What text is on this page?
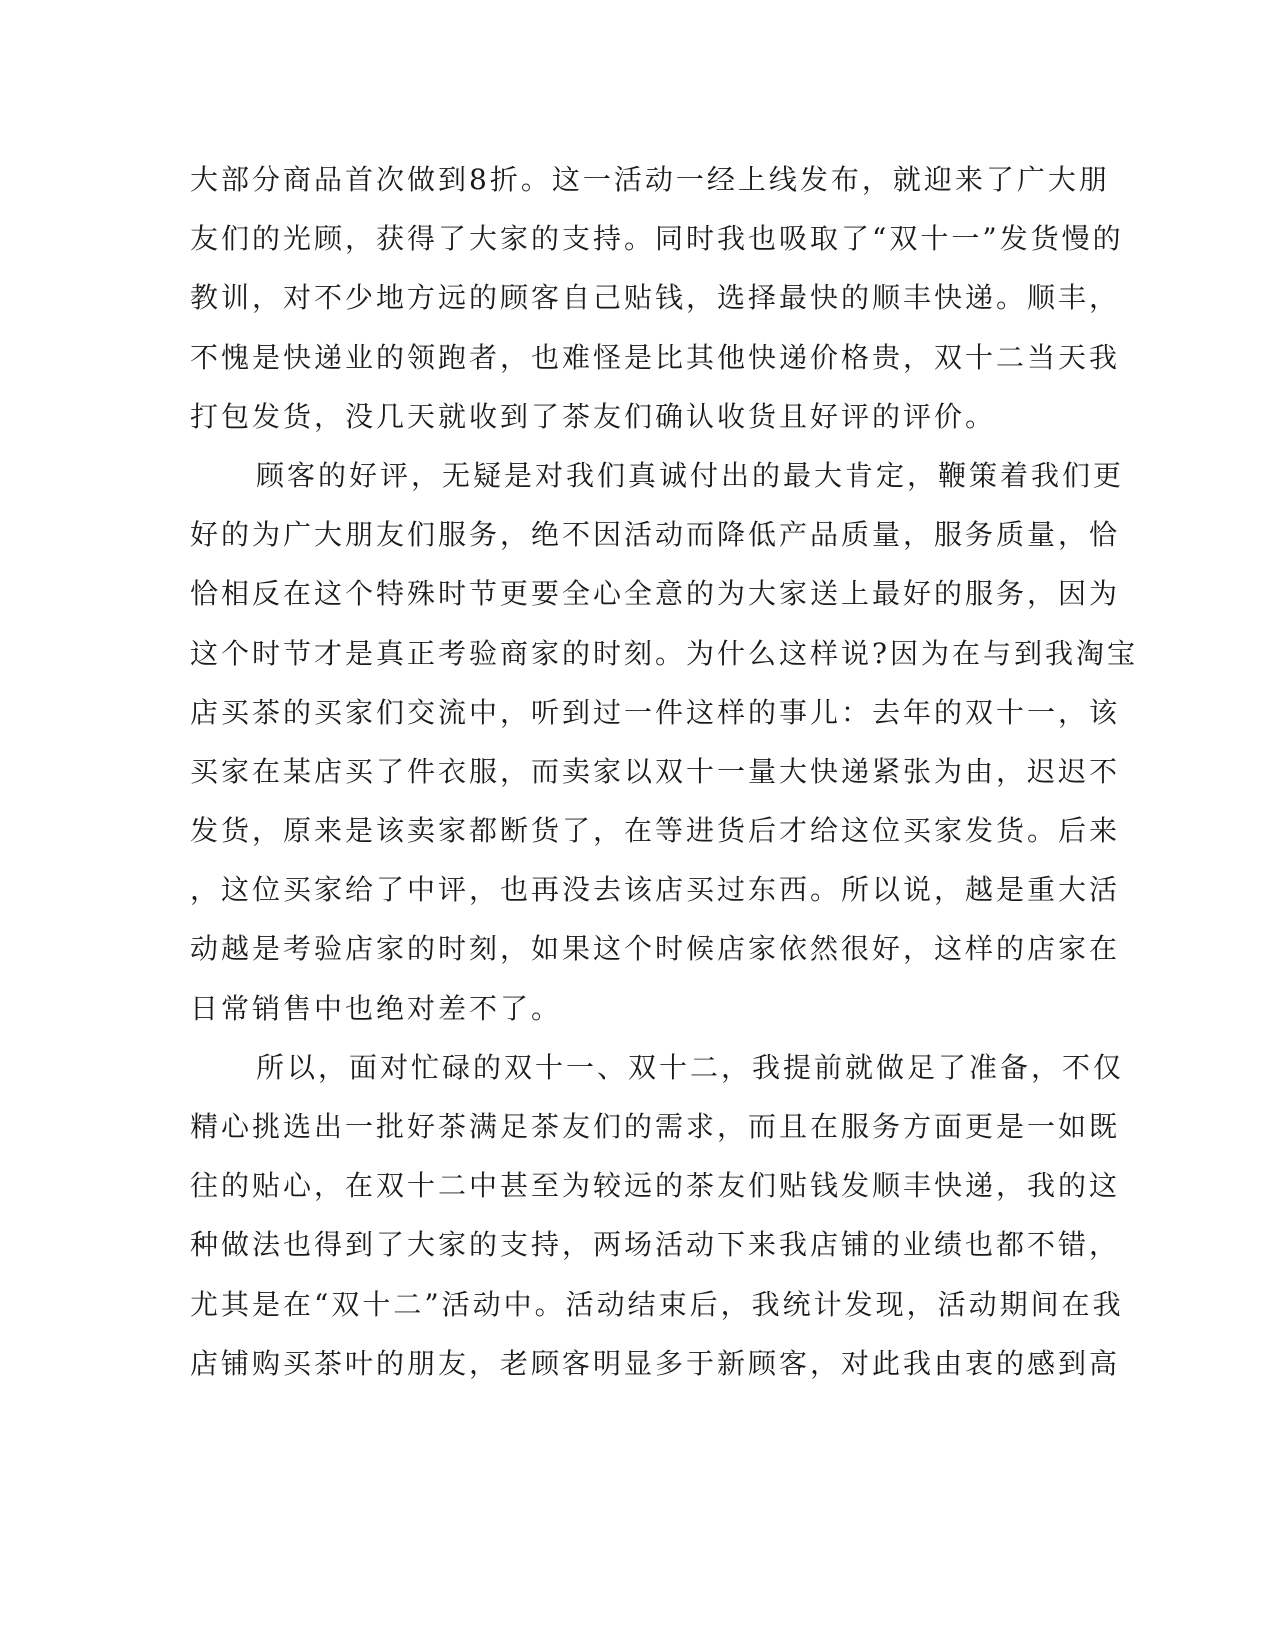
大部分商品首次做到8折。这一活动一经上线发布，就迎来了广大朋
友们的光顾，获得了大家的支持。同时我也吸取了“双十一”发货慢的
教训，对不少地方远的顾客自己贴钱，选择最快的顺丰快递。顺丰，
不愧是快递业的领跑者，也难怪是比其他快递价格贵，双十二当天我
打包发货，没几天就收到了茶友们确认收货且好评的评价。
顾客的好评，无疑是对我们真诚付出的最大肯定，鞭策着我们更
好的为广大朋友们服务，绝不因活动而降低产品质量，服务质量，恰
恰相反在这个特殊时节更要全心全意的为大家送上最好的服务，因为
这个时节才是真正考验商家的时刻。为什么这样说?因为在与到我淘宝
店买茶的买家们交流中，听到过一件这样的事儿：去年的双十一，该
买家在某店买了件衣服，而卖家以双十一量大快递紧张为由，迟迟不
发货，原来是该卖家都断货了，在等进货后才给这位买家发货。后来
，这位买家给了中评，也再没去该店买过东西。所以说，越是重大活
动越是考验店家的时刻，如果这个时候店家依然很好，这样的店家在
日常销售中也绝对差不了。
所以，面对忙碌的双十一、双十二，我提前就做足了准备，不仅
精心挑选出一批好茶满足茶友们的需求，而且在服务方面更是一如既
往的贴心，在双十二中甚至为较远的茶友们贴钱发顺丰快递，我的这
种做法也得到了大家的支持，两场活动下来我店铺的业绩也都不错，
尤其是在“双十二”活动中。活动结束后，我统计发现，活动期间在我
店铺购买茶叶的朋友，老顾客明显多于新顾客，对此我由衷的感到高
